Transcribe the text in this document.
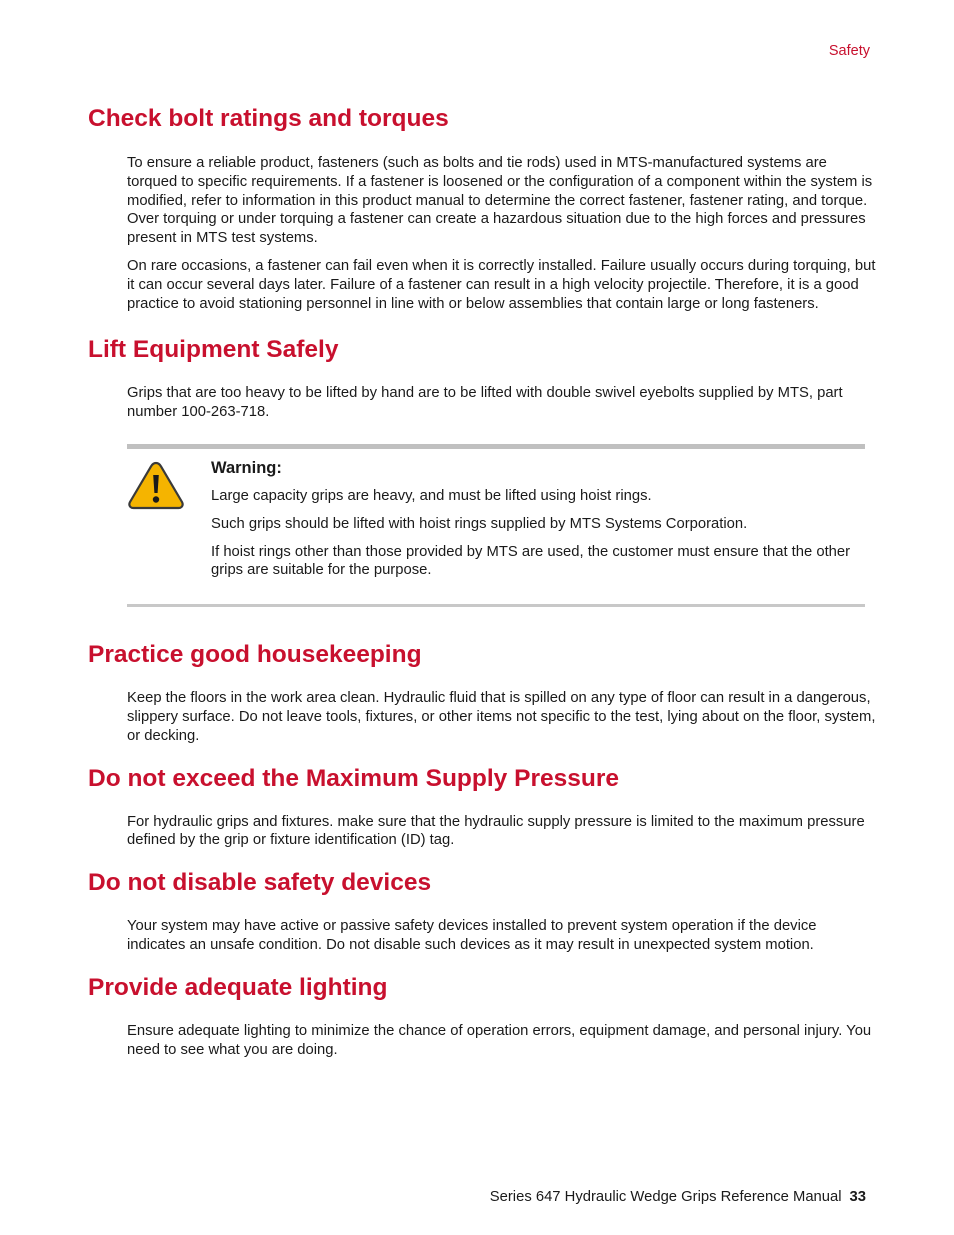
Safety
Check bolt ratings and torques

To ensure a reliable product, fasteners (such as bolts and tie rods) used in MTS-manufactured systems are torqued to specific requirements. If a fastener is loosened or the configuration of a component within the system is modified, refer to information in this product manual to determine the correct fastener, fastener rating, and torque. Over torquing or under torquing a fastener can create a hazardous situation due to the high forces and pressures present in MTS test systems.

On rare occasions, a fastener can fail even when it is correctly installed. Failure usually occurs during torquing, but it can occur several days later. Failure of a fastener can result in a high velocity projectile. Therefore, it is a good practice to avoid stationing personnel in line with or below assemblies that contain large or long fasteners.

Lift Equipment Safely

Grips that are too heavy to be lifted by hand are to be lifted with double swivel eyebolts supplied by MTS, part number 100-263-718.

Warning:

Large capacity grips are heavy, and must be lifted using hoist rings.

Such grips should be lifted with hoist rings supplied by MTS Systems Corporation.

If hoist rings other than those provided by MTS are used, the customer must ensure that the other grips are suitable for the purpose.

Practice good housekeeping

Keep the floors in the work area clean. Hydraulic fluid that is spilled on any type of floor can result in a dangerous, slippery surface. Do not leave tools, fixtures, or other items not specific to the test, lying about on the floor, system, or decking.

Do not exceed the Maximum Supply Pressure

For hydraulic grips and fixtures. make sure that the hydraulic supply pressure is limited to the maximum pressure defined by the grip or fixture identification (ID) tag.

Do not disable safety devices

Your system may have active or passive safety devices installed to prevent system operation if the device indicates an unsafe condition. Do not disable such devices as it may result in unexpected system motion.

Provide adequate lighting

Ensure adequate lighting to minimize the chance of operation errors, equipment damage, and personal injury. You need to see what you are doing.

Series 647 Hydraulic Wedge Grips Reference Manual 33
